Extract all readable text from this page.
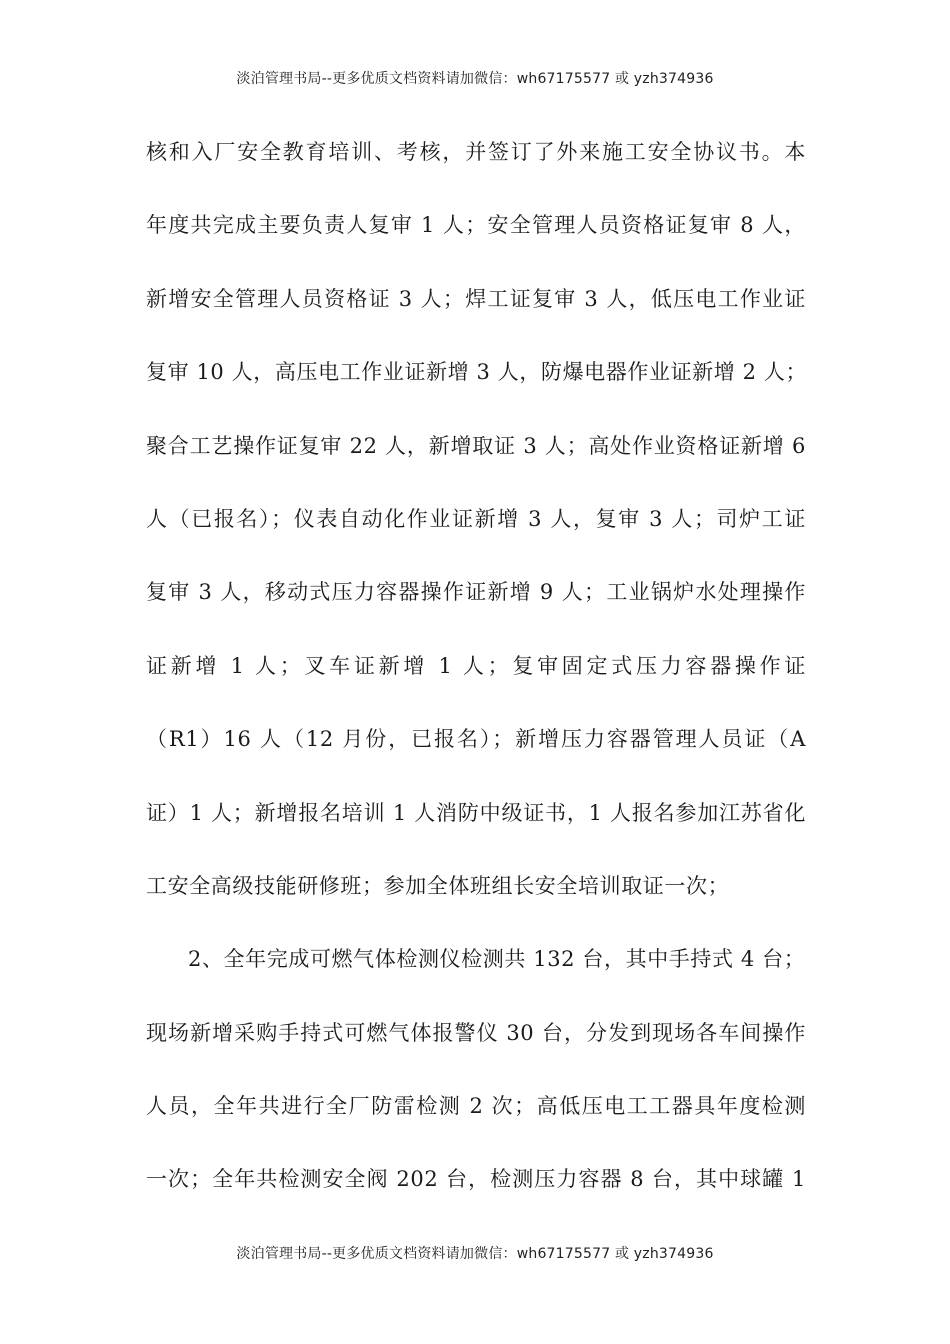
淡泊管理书局--更多优质文档资料请加微信：wh67175577 或 yzh374936
核和入厂安全教育培训、考核，并签订了外来施工安全协议书。本
年度共完成主要负责人复审 1 人；安全管理人员资格证复审 8 人，
新增安全管理人员资格证 3 人；焊工证复审 3 人，低压电工作业证
复审 10 人，高压电工作业证新增 3 人，防爆电器作业证新增 2 人；
聚合工艺操作证复审 22 人，新增取证 3 人；高处作业资格证新增 6
人（已报名）；仪表自动化作业证新增 3 人，复审 3 人；司炉工证
复审 3 人，移动式压力容器操作证新增 9 人；工业锅炉水处理操作
证新增 1 人；叉车证新增 1 人；复审固定式压力容器操作证
（R1）16 人（12 月份，已报名）；新增压力容器管理人员证（A
证）1 人；新增报名培训 1 人消防中级证书，1 人报名参加江苏省化
工安全高级技能研修班；参加全体班组长安全培训取证一次；
2、全年完成可燃气体检测仪检测共 132 台，其中手持式 4 台；
现场新增采购手持式可燃气体报警仪 30 台，分发到现场各车间操作
人员，全年共进行全厂防雷检测 2 次；高低压电工工器具年度检测
一次；全年共检测安全阀 202 台，检测压力容器 8 台，其中球罐 1
淡泊管理书局--更多优质文档资料请加微信：wh67175577 或 yzh374936
